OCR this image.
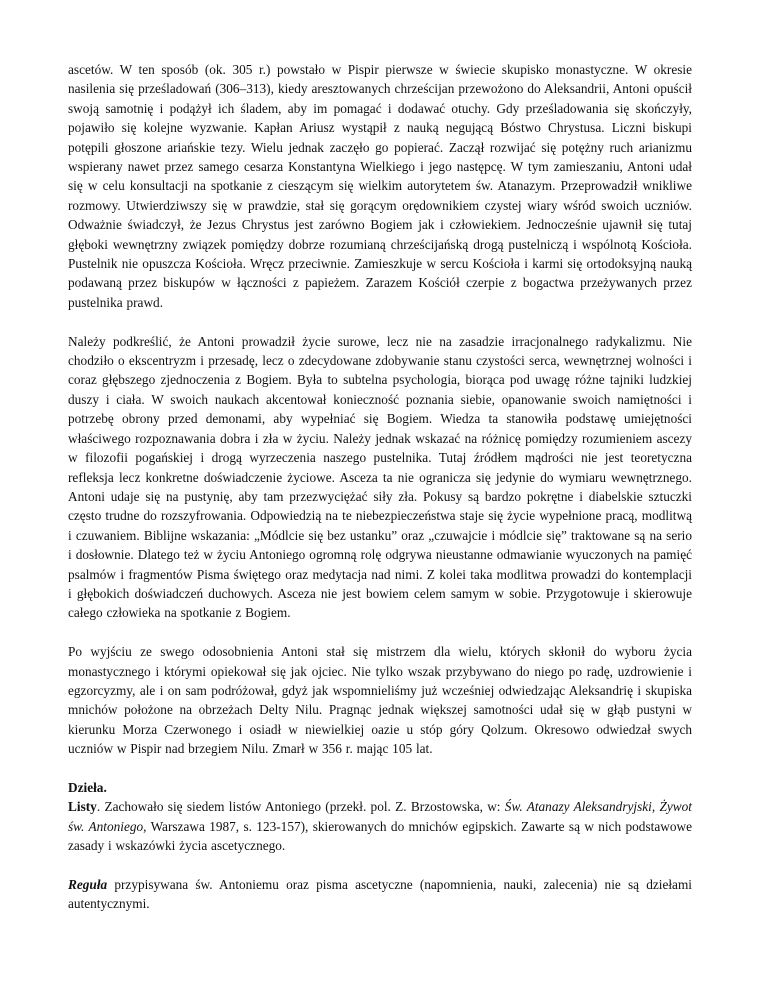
ascetów. W ten sposób (ok. 305 r.) powstało w Pispir pierwsze w świecie skupisko monastyczne. W okresie nasilenia się prześladowań (306–313), kiedy aresztowanych chrześcijan przewożono do Aleksandrii, Antoni opuścił swoją samotnię i podążył ich śladem, aby im pomagać i dodawać otuchy. Gdy prześladowania się skończyły, pojawiło się kolejne wyzwanie. Kapłan Ariusz wystąpił z nauką negującą Bóstwo Chrystusa. Liczni biskupi potępili głoszone ariańskie tezy. Wielu jednak zaczęło go popierać. Zaczął rozwijać się potężny ruch arianizmu wspierany nawet przez samego cesarza Konstantyna Wielkiego i jego następcę. W tym zamieszaniu, Antoni udał się w celu konsultacji na spotkanie z cieszącym się wielkim autorytetem św. Atanazym. Przeprowadził wnikliwe rozmowy. Utwierdziwszy się w prawdzie, stał się gorącym orędownikiem czystej wiary wśród swoich uczniów. Odważnie świadczył, że Jezus Chrystus jest zarówno Bogiem jak i człowiekiem. Jednocześnie ujawnił się tutaj głęboki wewnętrzny związek pomiędzy dobrze rozumianą chrześcijańską drogą pustelniczą i wspólnotą Kościoła. Pustelnik nie opuszcza Kościoła. Wręcz przeciwnie. Zamieszkuje w sercu Kościoła i karmi się ortodoksyjną nauką podawaną przez biskupów w łączności z papieżem. Zarazem Kościół czerpie z bogactwa przeżywanych przez pustelnika prawd.

Należy podkreślić, że Antoni prowadził życie surowe, lecz nie na zasadzie irracjonalnego radykalizmu. Nie chodziło o ekscentryzm i przesadę, lecz o zdecydowane zdobywanie stanu czystości serca, wewnętrznej wolności i coraz głębszego zjednoczenia z Bogiem. Była to subtelna psychologia, biorąca pod uwagę różne tajniki ludzkiej duszy i ciała. W swoich naukach akcentował konieczność poznania siebie, opanowanie swoich namiętności i potrzebę obrony przed demonami, aby wypełniać się Bogiem. Wiedza ta stanowiła podstawę umiejętności właściwego rozpoznawania dobra i zła w życiu. Należy jednak wskazać na różnicę pomiędzy rozumieniem ascezy w filozofii pogańskiej i drogą wyrzeczenia naszego pustelnika. Tutaj źródłem mądrości nie jest teoretyczna refleksja lecz konkretne doświadczenie życiowe. Asceza ta nie ogranicza się jedynie do wymiaru wewnętrznego. Antoni udaje się na pustynię, aby tam przezwyciężać siły zła. Pokusy są bardzo pokrętne i diabelskie sztuczki często trudne do rozszyfrowania. Odpowiedzią na te niebezpieczeństwa staje się życie wypełnione pracą, modlitwą i czuwaniem. Biblijne wskazania: „Módlcie się bez ustanku” oraz „czuwajcie i módlcie się” traktowane są na serio i dosłownie. Dlatego też w życiu Antoniego ogromną rolę odgrywa nieustanne odmawianie wyuczonych na pamięć psalmów i fragmentów Pisma świętego oraz medytacja nad nimi. Z kolei taka modlitwa prowadzi do kontemplacji i głębokich doświadczeń duchowych. Asceza nie jest bowiem celem samym w sobie. Przygotowuje i skierowuje całego człowieka na spotkanie z Bogiem.

Po wyjściu ze swego odosobnienia Antoni stał się mistrzem dla wielu, których skłonił do wyboru życia monastycznego i którymi opiekował się jak ojciec. Nie tylko wszak przybywano do niego po radę, uzdrowienie i egzorcyzmy, ale i on sam podróżował, gdyż jak wspomnieliśmy już wcześniej odwiedzając Aleksandrię i skupiska mnichów położone na obrzeżach Delty Nilu. Pragnąc jednak większej samotności udał się w głąb pustyni w kierunku Morza Czerwonego i osiadł w niewielkiej oazie u stóp góry Qolzum. Okresowo odwiedzał swych uczniów w Pispir nad brzegiem Nilu. Zmarł w 356 r. mając 105 lat.

Dzieła.

Listy. Zachowało się siedem listów Antoniego (przekł. pol. Z. Brzostowska, w: Św. Atanazy Aleksandryjski, Żywot św. Antoniego, Warszawa 1987, s. 123-157), skierowanych do mnichów egipskich. Zawarte są w nich podstawowe zasady i wskazówki życia ascetycznego.

Reguła przypisywana św. Antoniemu oraz pisma ascetyczne (napomnienia, nauki, zalecenia) nie są dziełami autentycznymi.
